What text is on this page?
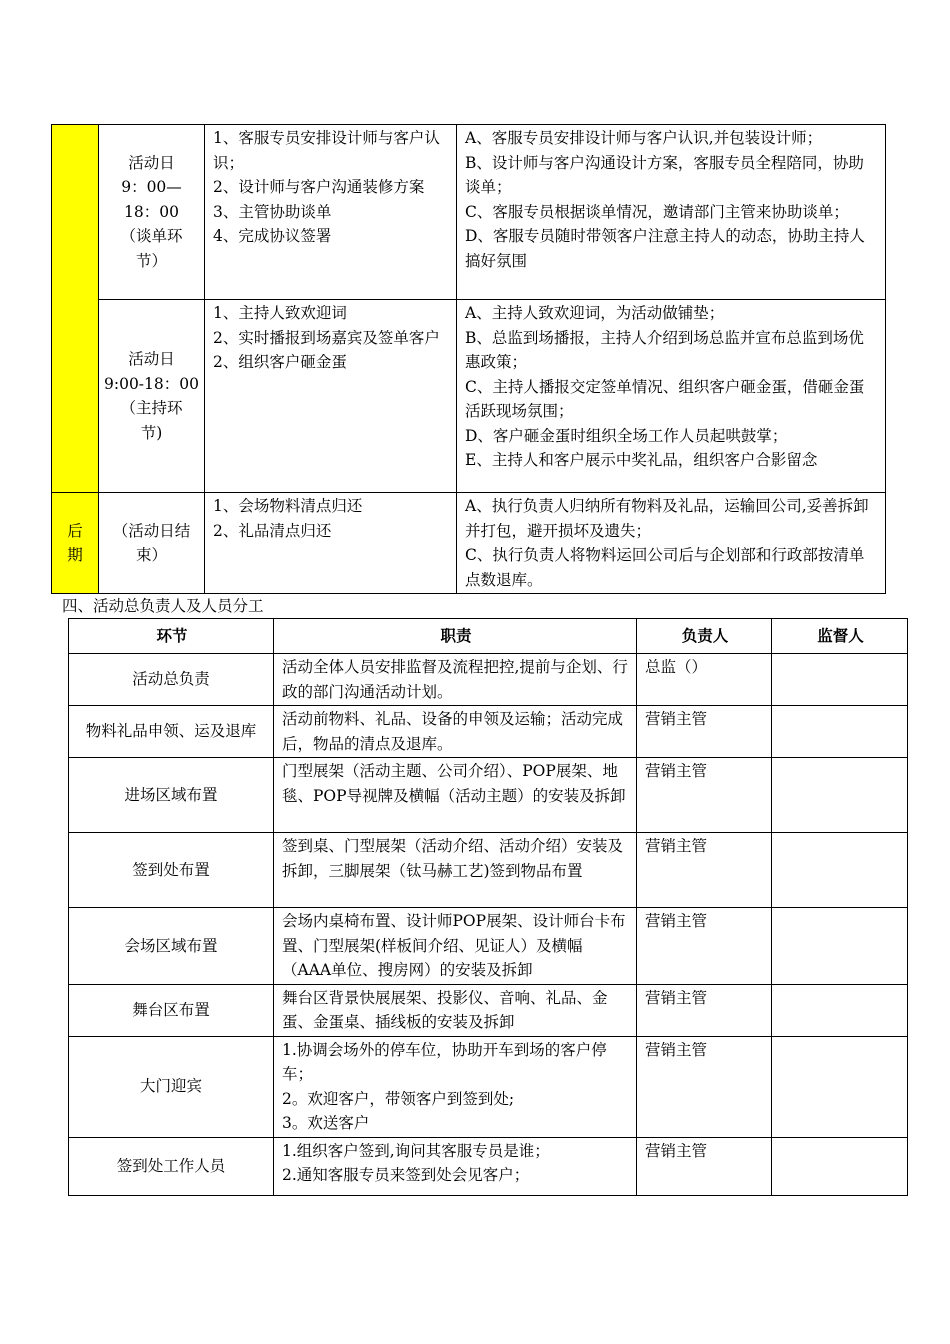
	活动日
9：00—
18：00
（谈单环
节）	1、客服专员安排设计师与客户认识；
2、设计师与客户沟通装修方案
3、主管协助谈单
4、完成协议签署	A、客服专员安排设计师与客户认识,并包装设计师；
B、设计师与客户沟通设计方案，客服专员全程陪同，协助谈单；
C、客服专员根据谈单情况，邀请部门主管来协助谈单；
D、客服专员随时带领客户注意主持人的动态，协助主持人搞好氛围
	活动日
9:00-18：00
（主持环
节)	1、主持人致欢迎词
2、实时播报到场嘉宾及签单客户
2、组织客户砸金蛋	A、主持人致欢迎词，为活动做铺垫；
B、总监到场播报，主持人介绍到场总监并宣布总监到场优惠政策；
C、主持人播报交定签单情况、组织客户砸金蛋，借砸金蛋活跃现场氛围；
D、客户砸金蛋时组织全场工作人员起哄鼓掌；
E、主持人和客户展示中奖礼品，组织客户合影留念
后
期	（活动日结
束）	1、会场物料清点归还
2、礼品清点归还	A、执行负责人归纳所有物料及礼品，运输回公司,妥善拆卸并打包，避开损坏及遗失；
C、执行负责人将物料运回公司后与企划部和行政部按清单点数退库。
四、活动总负责人及人员分工
环节	职责	负责人	监督人
活动总负责	活动全体人员安排监督及流程把控,提前与企划、行政的部门沟通活动计划。	总监（）	
物料礼品申领、运及退库	活动前物料、礼品、设备的申领及运输；活动完成后，物品的清点及退库。	营销主管	
进场区域布置	门型展架（活动主题、公司介绍）、POP展架、地毯、POP导视牌及横幅（活动主题）的安装及拆卸	营销主管	
签到处布置	签到桌、门型展架（活动介绍、活动介绍）安装及拆卸，三脚展架（钛马赫工艺)签到物品布置	营销主管	
会场区域布置	会场内桌椅布置、设计师POP展架、设计师台卡布置、门型展架(样板间介绍、见证人）及横幅（AAA单位、搜房网）的安装及拆卸	营销主管	
舞台区布置	舞台区背景快展展架、投影仪、音响、礼品、金蛋、金蛋桌、插线板的安装及拆卸	营销主管	
大门迎宾	1.协调会场外的停车位，协助开车到场的客户停车；
2。欢迎客户，带领客户到签到处;
3。欢送客户	营销主管	
签到处工作人员	1.组织客户签到,询问其客服专员是谁；
2.通知客服专员来签到处会见客户；	营销主管	
